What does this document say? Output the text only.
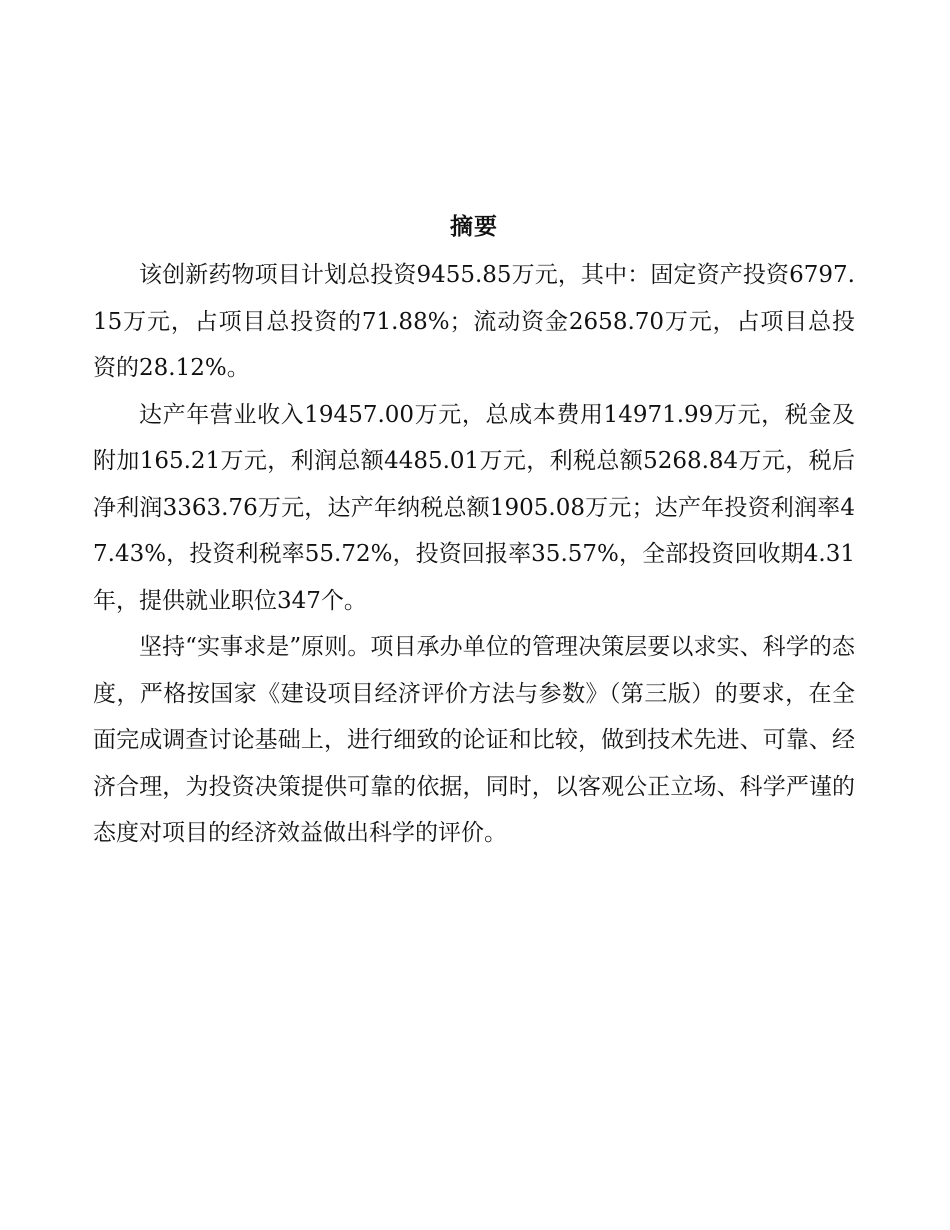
摘要

该创新药物项目计划总投资9455.85万元，其中：固定资产投资6797.15万元，占项目总投资的71.88%；流动资金2658.70万元，占项目总投资的28.12%。

达产年营业收入19457.00万元，总成本费用14971.99万元，税金及附加165.21万元，利润总额4485.01万元，利税总额5268.84万元，税后净利润3363.76万元，达产年纳税总额1905.08万元；达产年投资利润率47.43%，投资利税率55.72%，投资回报率35.57%，全部投资回收期4.31年，提供就业职位347个。

坚持“实事求是”原则。项目承办单位的管理决策层要以求实、科学的态度，严格按国家《建设项目经济评价方法与参数》（第三版）的要求，在全面完成调查讨论基础上，进行细致的论证和比较，做到技术先进、可靠、经济合理，为投资决策提供可靠的依据，同时，以客观公正立场、科学严谨的态度对项目的经济效益做出科学的评价。
